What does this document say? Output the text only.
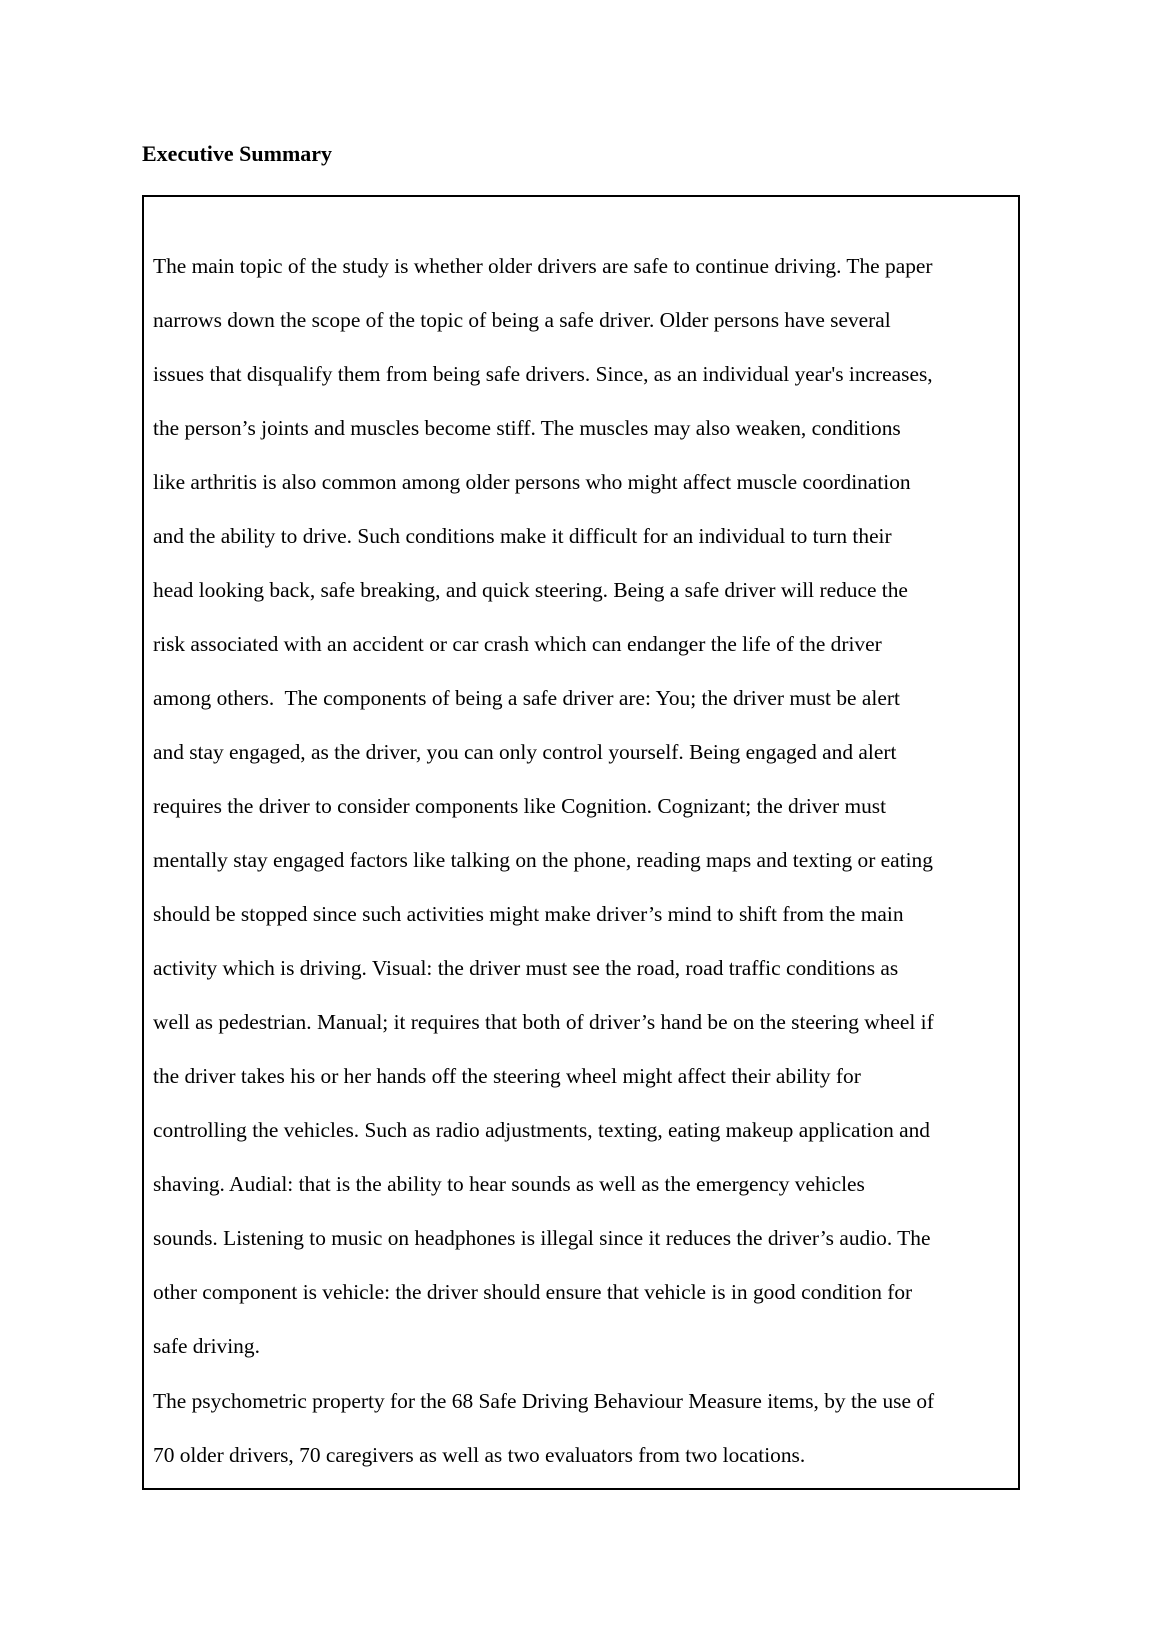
Executive Summary

The main topic of the study is whether older drivers are safe to continue driving. The paper
narrows down the scope of the topic of being a safe driver. Older persons have several
issues that disqualify them from being safe drivers. Since, as an individual year's increases,
the person’s joints and muscles become stiff. The muscles may also weaken, conditions
like arthritis is also common among older persons who might affect muscle coordination
and the ability to drive. Such conditions make it difficult for an individual to turn their
head looking back, safe breaking, and quick steering. Being a safe driver will reduce the
risk associated with an accident or car crash which can endanger the life of the driver
among others.  The components of being a safe driver are: You; the driver must be alert
and stay engaged, as the driver, you can only control yourself. Being engaged and alert
requires the driver to consider components like Cognition. Cognizant; the driver must
mentally stay engaged factors like talking on the phone, reading maps and texting or eating
should be stopped since such activities might make driver’s mind to shift from the main
activity which is driving. Visual: the driver must see the road, road traffic conditions as
well as pedestrian. Manual; it requires that both of driver’s hand be on the steering wheel if
the driver takes his or her hands off the steering wheel might affect their ability for
controlling the vehicles. Such as radio adjustments, texting, eating makeup application and
shaving. Audial: that is the ability to hear sounds as well as the emergency vehicles
sounds. Listening to music on headphones is illegal since it reduces the driver’s audio. The
other component is vehicle: the driver should ensure that vehicle is in good condition for
safe driving.

The psychometric property for the 68 Safe Driving Behaviour Measure items, by the use of
70 older drivers, 70 caregivers as well as two evaluators from two locations.
